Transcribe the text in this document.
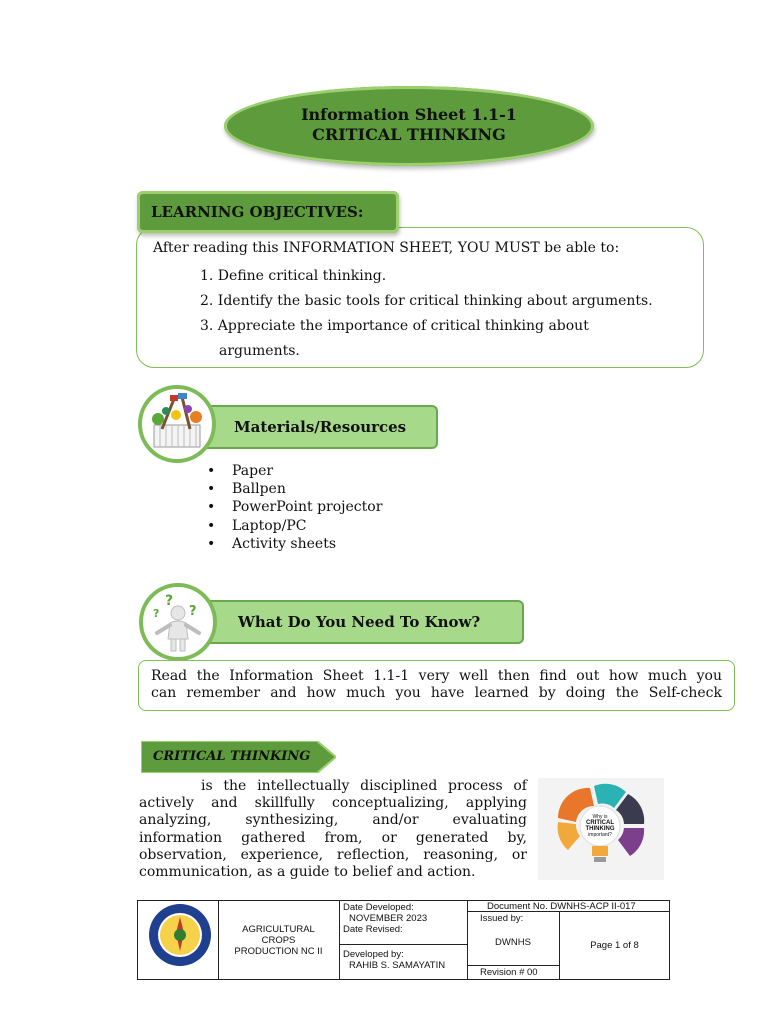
Information Sheet 1.1-1
CRITICAL THINKING
After reading this INFORMATION SHEET, YOU MUST be able to:
1. Define critical thinking.
2. Identify the basic tools for critical thinking about arguments.
3. Appreciate the importance of critical thinking about
arguments.
LEARNING OBJECTIVES:
Materials/Resources
• Paper
• Ballpen
• PowerPoint projector
• Laptop/PC
• Activity sheets
What Do You Need To Know?
?
? ?
Read the Information Sheet 1.1-1 very well then find out how much you
can remember and how much you have learned by doing the Self-check
CRITICAL THINKING
is the intellectually disciplined process of
actively and skillfully conceptualizing, applying
analyzing, synthesizing, and/or evaluating
information gathered from, or generated by,
observation, experience, reflection, reasoning, or
communication, as a guide to belief and action.
Why is
CRITICAL
THINKING
important?
AGRICULTURAL
CROPS
PRODUCTION NC II
Date Developed:
NOVEMBER 2023
Date Revised:
Developed by:
RAHIB S. SAMAYATIN
Document No. DWNHS-ACP II-017
Issued by:
DWNHS
Revision # 00
Page 1 of 8
